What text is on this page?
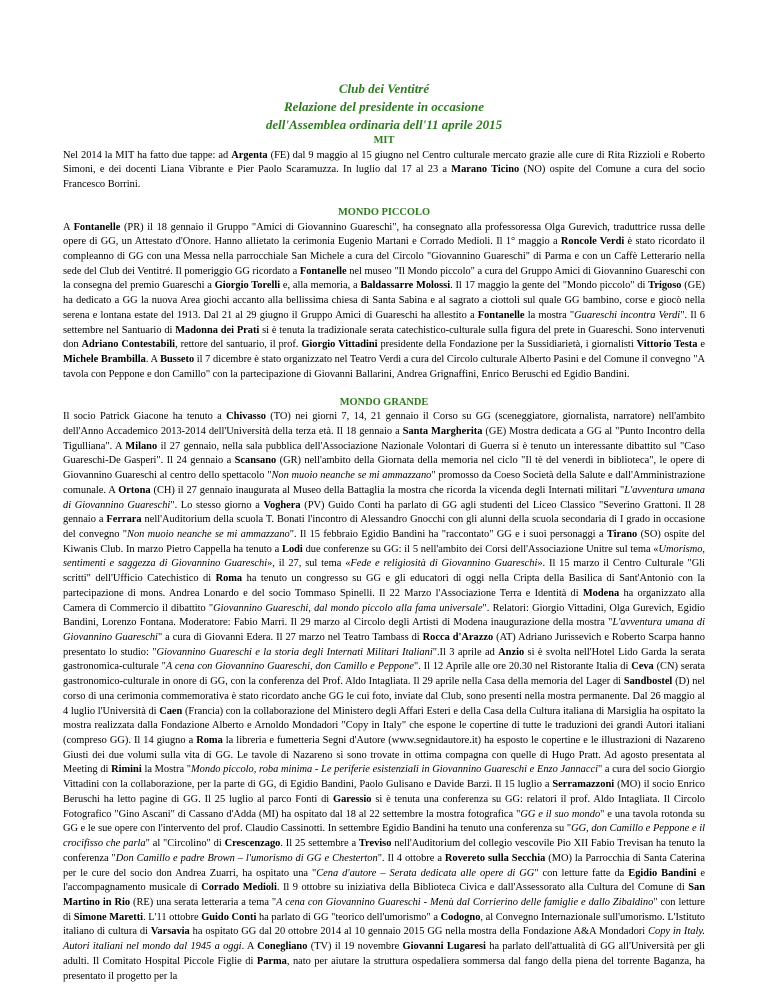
Club dei Ventitré
Relazione del presidente in occasione
dell'Assemblea ordinaria dell'11 aprile 2015
MIT

Nel 2014 la MIT ha fatto due tappe: ad Argenta (FE) dal 9 maggio al 15 giugno nel Centro culturale mercato grazie alle cure di Rita Rizzioli e Roberto Simoni, e dei docenti Liana Vibrante e Pier Paolo Scaramuzza. In luglio dal 17 al 23 a Marano Ticino (NO) ospite del Comune a cura del socio Francesco Borrini.

MONDO PICCOLO

A Fontanelle (PR) il 18 gennaio il Gruppo "Amici di Giovannino Guareschi", ha consegnato alla professoressa Olga Gurevich, traduttrice russa delle opere di GG, un Attestato d'Onore. Hanno allietato la cerimonia Eugenio Martani e Corrado Medioli. Il 1° maggio a Roncole Verdi è stato ricordato il compleanno di GG con una Messa nella parrocchiale San Michele a cura del Circolo "Giovannino Guareschi" di Parma e con un Caffè Letterario nella sede del Club dei Ventitré. Il pomeriggio GG ricordato a Fontanelle nel museo "Il Mondo piccolo" a cura del Gruppo Amici di Giovannino Guareschi con la consegna del premio Guareschi a Giorgio Torelli e, alla memoria, a Baldassarre Molossi. Il 17 maggio la gente del "Mondo piccolo" di Trigoso (GE) ha dedicato a GG la nuova Area giochi accanto alla bellissima chiesa di Santa Sabina e al sagrato a ciottoli sul quale GG bambino, corse e giocò nella serena e lontana estate del 1913. Dal 21 al 29 giugno il Gruppo Amici di Guareschi ha allestito a Fontanelle la mostra "Guareschi incontra Verdi". Il 6 settembre nel Santuario di Madonna dei Prati si è tenuta la tradizionale serata catechistico-culturale sulla figura del prete in Guareschi. Sono intervenuti don Adriano Contestabili, rettore del santuario, il prof. Giorgio Vittadini presidente della Fondazione per la Sussidiarietà, i giornalisti Vittorio Testa e Michele Brambilla. A Busseto il 7 dicembre è stato organizzato nel Teatro Verdi a cura del Circolo culturale Alberto Pasini e del Comune il convegno "A tavola con Peppone e don Camillo" con la partecipazione di Giovanni Ballarini, Andrea Grignaffini, Enrico Beruschi ed Egidio Bandini.

MONDO GRANDE

Il socio Patrick Giacone ha tenuto a Chivasso (TO) nei giorni 7, 14, 21 gennaio il Corso su GG (sceneggiatore, giornalista, narratore) nell'ambito dell'Anno Accademico 2013-2014 dell'Università della terza età. Il 18 gennaio a Santa Margherita (GE) Mostra dedicata a GG al "Punto Incontro della Tigulliana". A Milano il 27 gennaio, nella sala pubblica dell'Associazione Nazionale Volontari di Guerra si è tenuto un interessante dibattito sul "Caso Guareschi-De Gasperi". Il 24 gennaio a Scansano (GR) nell'ambito della Giornata della memoria nel ciclo "Il tè del venerdì in biblioteca", le opere di Giovannino Guareschi al centro dello spettacolo "Non muoio neanche se mi ammazzano" promosso da Coeso Società della Salute e dall'Amministrazione comunale. A Ortona (CH) il 27 gennaio inaugurata al Museo della Battaglia la mostra che ricorda la vicenda degli Internati militari "L'avventura umana di Giovannino Guareschi". Lo stesso giorno a Voghera (PV) Guido Conti ha parlato di GG agli studenti del Liceo Classico "Severino Grattoni. Il 28 gennaio a Ferrara nell'Auditorium della scuola T. Bonati l'incontro di Alessandro Gnocchi con gli alunni della scuola secondaria di I grado in occasione del convegno "Non muoio neanche se mi ammazzano". Il 15 febbraio Egidio Bandini ha "raccontato" GG e i suoi personaggi a Tirano (SO) ospite del Kiwanis Club. In marzo Pietro Cappella ha tenuto a Lodi due conferenze su GG: il 5 nell'ambito dei Corsi dell'Associazione Unitre sul tema «Umorismo, sentimenti e saggezza di Giovannino Guareschi», il 27, sul tema «Fede e religiosità di Giovannino Guareschi». Il 15 marzo il Centro Culturale "Gli scritti" dell'Ufficio Catechistico di Roma ha tenuto un congresso su GG e gli educatori di oggi nella Cripta della Basilica di Sant'Antonio con la partecipazione di mons. Andrea Lonardo e del socio Tommaso Spinelli. Il 22 Marzo l'Associazione Terra e Identità di Modena ha organizzato alla Camera di Commercio il dibattito "Giovannino Guareschi, dal mondo piccolo alla fama universale". Relatori: Giorgio Vittadini, Olga Gurevich, Egidio Bandini, Lorenzo Fontana. Moderatore: Fabio Marri. Il 29 marzo al Circolo degli Artisti di Modena inaugurazione della mostra "L'avventura umana di Giovannino Guareschi" a cura di Giovanni Edera. Il 27 marzo nel Teatro Tambass di Rocca d'Arazzo (AT) Adriano Jurissevich e Roberto Scarpa hanno presentato lo studio: "Giovannino Guareschi e la storia degli Internati Militari Italiani".Il 3 aprile ad Anzio si è svolta nell'Hotel Lido Garda la serata gastronomica-culturale "A cena con Giovannino Guareschi, don Camillo e Peppone". Il 12 Aprile alle ore 20.30 nel Ristorante Italia di Ceva (CN) serata gastronomico-culturale in onore di GG, con la conferenza del Prof. Aldo Intagliata. Il 29 aprile nella Casa della memoria del Lager di Sandbostel (D) nel corso di una cerimonia commemorativa è stato ricordato anche GG le cui foto, inviate dal Club, sono presenti nella mostra permanente. Dal 26 maggio al 4 luglio l'Università di Caen (Francia) con la collaborazione del Ministero degli Affari Esteri e della Casa della Cultura italiana di Marsiglia ha ospitato la mostra realizzata dalla Fondazione Alberto e Arnoldo Mondadori "Copy in Italy" che espone le copertine di tutte le traduzioni dei grandi Autori italiani (compreso GG). Il 14 giugno a Roma la libreria e fumetteria Segni d'Autore (www.segnidautore.it) ha esposto le copertine e le illustrazioni di Nazareno Giusti dei due volumi sulla vita di GG. Le tavole di Nazareno si sono trovate in ottima compagna con quelle di Hugo Pratt. Ad agosto presentata al Meeting di Rimini la Mostra "Mondo piccolo, roba minima - Le periferie esistenziali in Giovannino Guareschi e Enzo Jannacci" a cura del socio Giorgio Vittadini con la collaborazione, per la parte di GG, di Egidio Bandini, Paolo Gulisano e Davide Barzi. Il 15 luglio a Serramazzoni (MO) il socio Enrico Beruschi ha letto pagine di GG. Il 25 luglio al parco Fonti di Garessio si è tenuta una conferenza su GG: relatori il prof. Aldo Intagliata. Il Circolo Fotografico "Gino Ascani" di Cassano d'Adda (MI) ha ospitato dal 18 al 22 settembre la mostra fotografica "GG e il suo mondo" e una tavola rotonda su GG e le sue opere con l'intervento del prof. Claudio Cassinotti. In settembre Egidio Bandini ha tenuto una conferenza su "GG, don Camillo e Peppone e il crocifisso che parla" al "Circolino" di Crescenzago. Il 25 settembre a Treviso nell'Auditorium del collegio vescovile Pio XII Fabio Trevisan ha tenuto la conferenza "Don Camillo e padre Brown – l'umorismo di GG e Chesterton". Il 4 ottobre a Rovereto sulla Secchia (MO) la Parrocchia di Santa Caterina per le cure del socio don Andrea Zuarri, ha ospitato una "Cena d'autore – Serata dedicata alle opere di GG" con letture fatte da Egidio Bandini e l'accompagnamento musicale di Corrado Medioli. Il 9 ottobre su iniziativa della Biblioteca Civica e dall'Assessorato alla Cultura del Comune di San Martino in Rio (RE) una serata letteraria a tema "A cena con Giovannino Guareschi - Menù dal Corrierino delle famiglie e dallo Zibaldino" con letture di Simone Maretti. L'11 ottobre Guido Conti ha parlato di GG "teorico dell'umorismo" a Codogno, al Convegno Internazionale sull'umorismo. L'Istituto italiano di cultura di Varsavia ha ospitato GG dal 20 ottobre 2014 al 10 gennaio 2015 GG nella mostra della Fondazione A&A Mondadori Copy in Italy. Autori italiani nel mondo dal 1945 a oggi. A Conegliano (TV) il 19 novembre Giovanni Lugaresi ha parlato dell'attualità di GG all'Università per gli adulti. Il Comitato Hospital Piccole Figlie di Parma, nato per aiutare la struttura ospedaliera sommersa dal fango della piena del torrente Baganza, ha presentato il progetto per la
